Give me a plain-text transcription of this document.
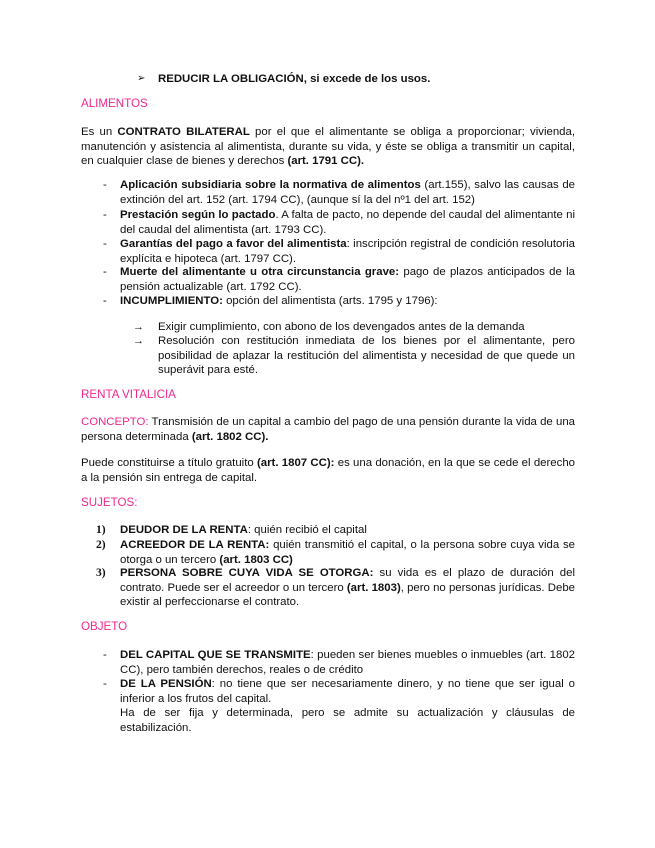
➢ REDUCIR LA OBLIGACIÓN, si excede de los usos.

ALIMENTOS

Es un CONTRATO BILATERAL por el que el alimentante se obliga a proporcionar; vivienda, manutención y asistencia al alimentista, durante su vida, y éste se obliga a transmitir un capital, en cualquier clase de bienes y derechos (art. 1791 CC).

- Aplicación subsidiaria sobre la normativa de alimentos (art.155), salvo las causas de extinción del art. 152 (art. 1794 CC), (aunque sí la del nº1 del art. 152)

- Prestación según lo pactado. A falta de pacto, no depende del caudal del alimentante ni del caudal del alimentista (art. 1793 CC).

- Garantías del pago a favor del alimentista: inscripción registral de condición resolutoria explícita e hipoteca (art. 1797 CC).

- Muerte del alimentante u otra circunstancia grave: pago de plazos anticipados de la pensión actualizable (art. 1792 CC).

- INCUMPLIMIENTO: opción del alimentista (arts. 1795 y 1796):

→ Exigir cumplimiento, con abono de los devengados antes de la demanda

→ Resolución con restitución inmediata de los bienes por el alimentante, pero posibilidad de aplazar la restitución del alimentista y necesidad de que quede un superávit para esté.

RENTA VITALICIA

CONCEPTO: Transmisión de un capital a cambio del pago de una pensión durante la vida de una persona determinada (art. 1802 CC).

Puede constituirse a título gratuito (art. 1807 CC): es una donación, en la que se cede el derecho a la pensión sin entrega de capital.

SUJETOS:
1) DEUDOR DE LA RENTA: quién recibió el capital

2) ACREEDOR DE LA RENTA: quién transmitió el capital, o la persona sobre cuya vida se otorga o un tercero (art. 1803 CC)

3) PERSONA SOBRE CUYA VIDA SE OTORGA: su vida es el plazo de duración del contrato. Puede ser el acreedor o un tercero (art. 1803), pero no personas jurídicas. Debe existir al perfeccionarse el contrato.

OBJETO
- DEL CAPITAL QUE SE TRANSMITE: pueden ser bienes muebles o inmuebles (art. 1802 CC), pero también derechos, reales o de crédito

- DE LA PENSIÓN: no tiene que ser necesariamente dinero, y no tiene que ser igual o inferior a los frutos del capital.

Ha de ser fija y determinada, pero se admite su actualización y cláusulas de estabilización.
